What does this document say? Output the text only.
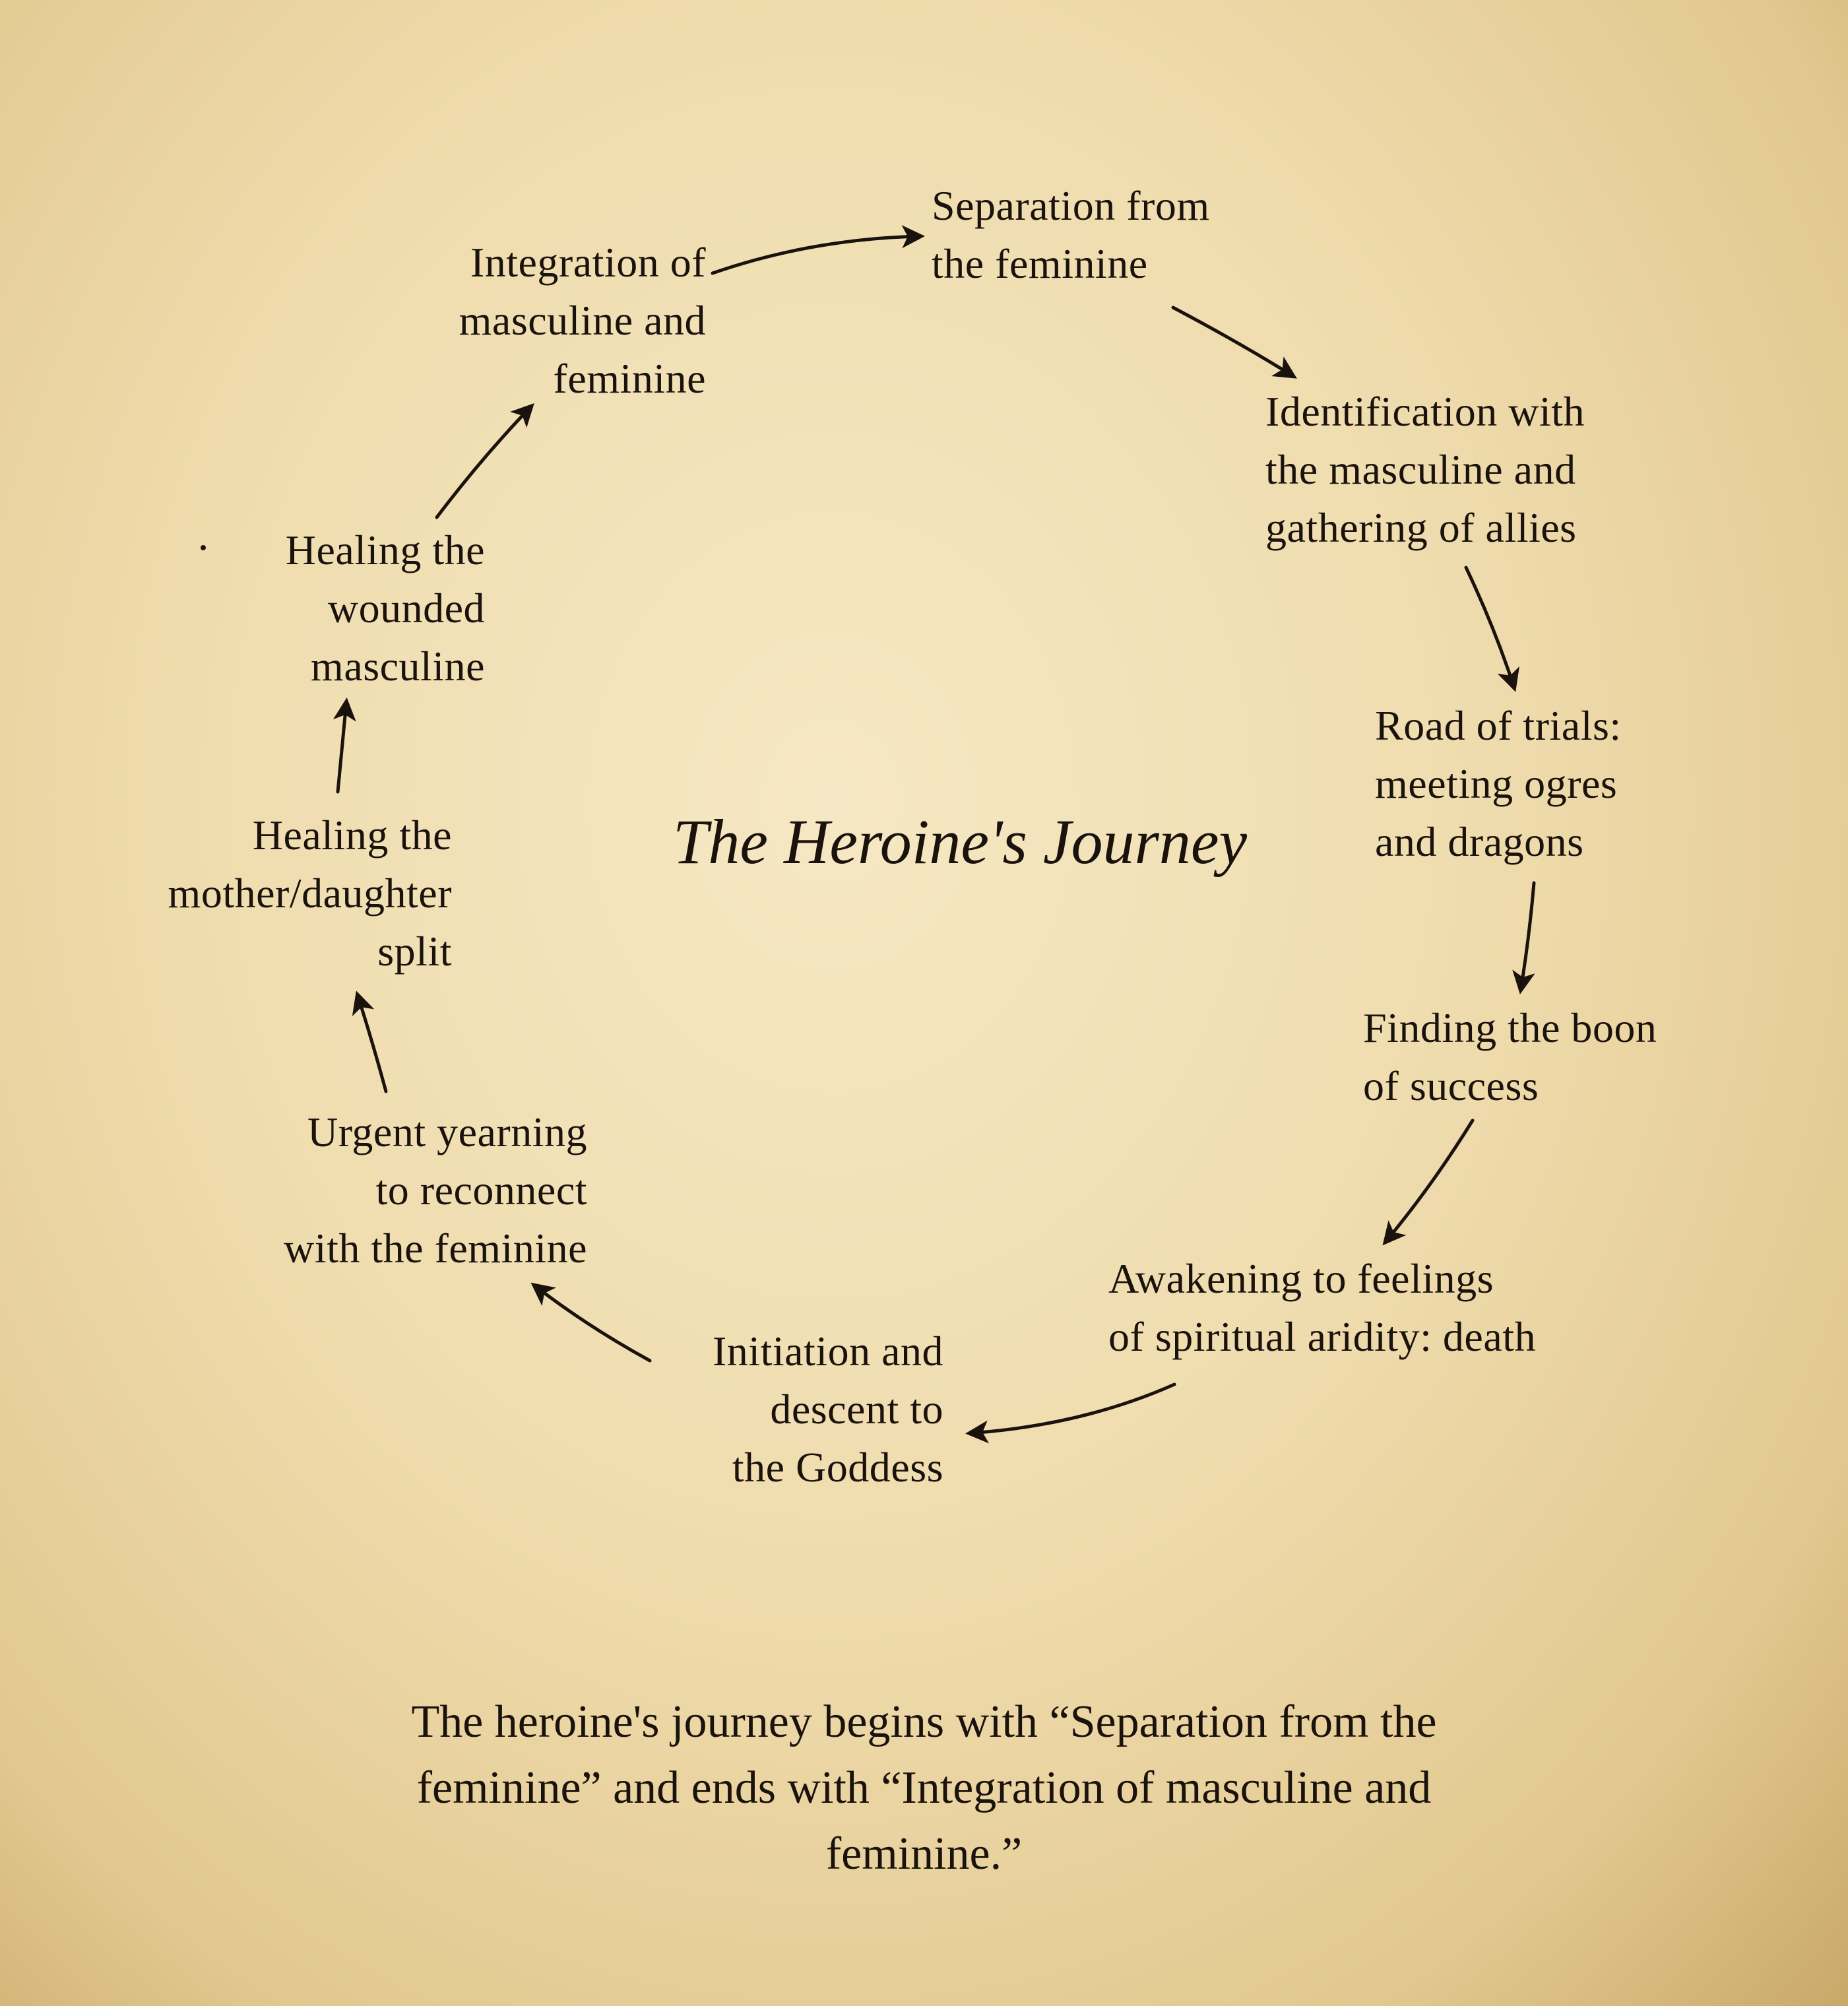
The Heroine's Journey
Separation from
the feminine
Identification with
the masculine and
gathering of allies
Road of trials:
meeting ogres
and dragons
Finding the boon
of success
Awakening to feelings
of spiritual aridity: death
Initiation and
descent to
the Goddess
Urgent yearning
to reconnect
with the feminine
Healing the
mother/daughter
split
Healing the
wounded
masculine
Integration of
masculine and
feminine
The heroine's journey begins with “Separation from the
feminine” and ends with “Integration of masculine and
feminine.”
